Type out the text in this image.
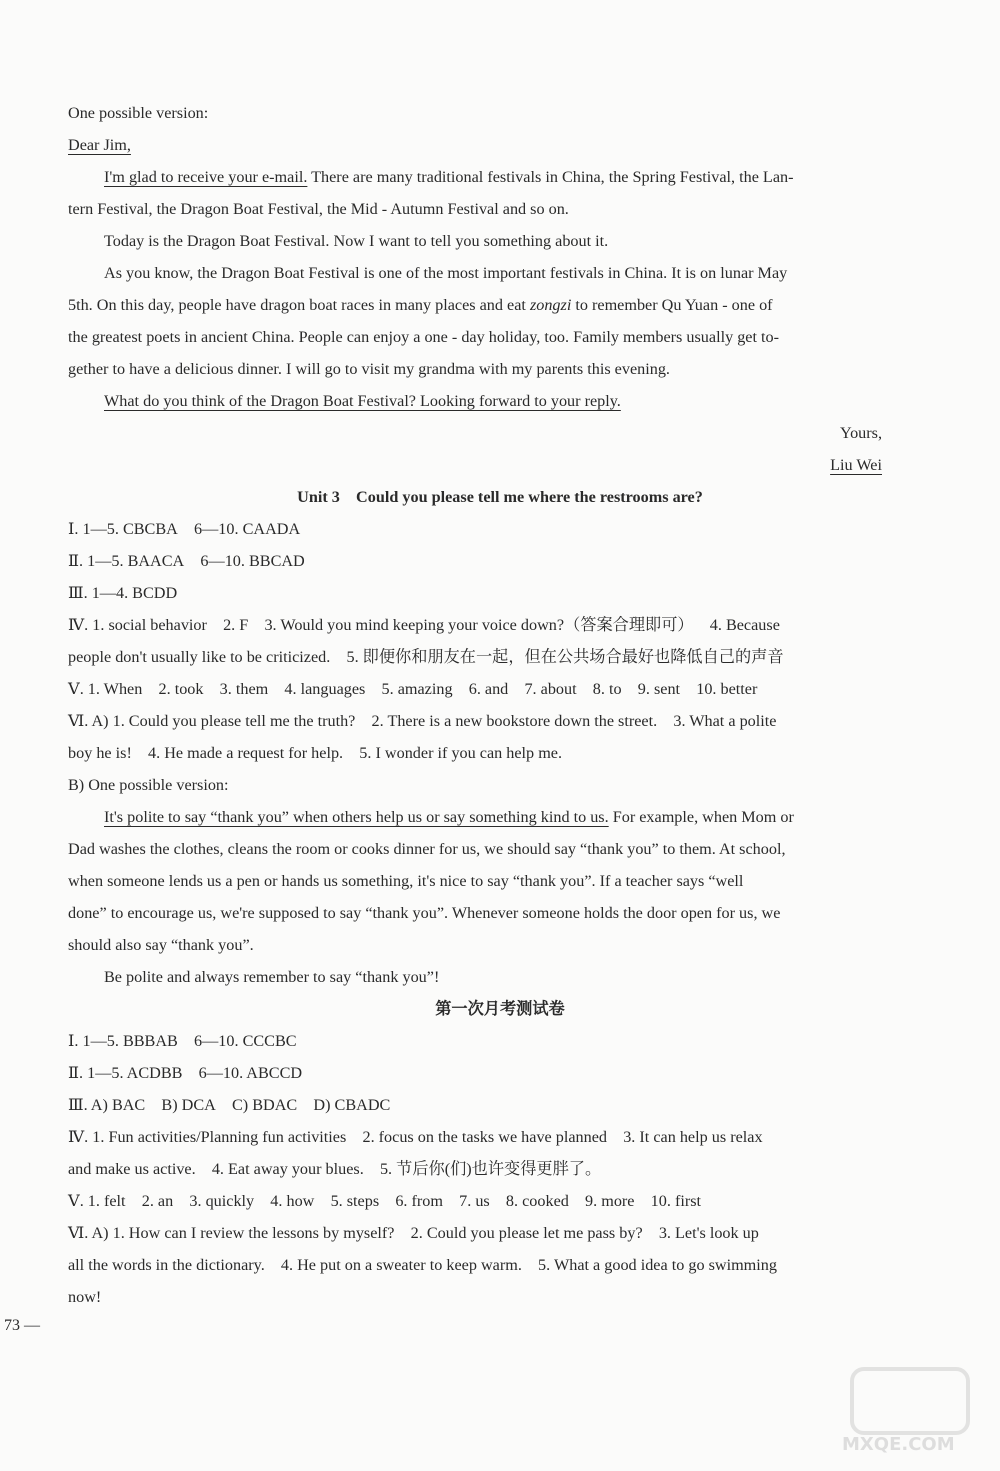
One possible version:
Dear Jim,
I'm glad to receive your e-mail. There are many traditional festivals in China, the Spring Festival, the Lan-
tern Festival, the Dragon Boat Festival, the Mid - Autumn Festival and so on.
Today is the Dragon Boat Festival. Now I want to tell you something about it.
As you know, the Dragon Boat Festival is one of the most important festivals in China. It is on lunar May
5th. On this day, people have dragon boat races in many places and eat zongzi to remember Qu Yuan - one of
the greatest poets in ancient China. People can enjoy a one - day holiday, too. Family members usually get to-
gether to have a delicious dinner. I will go to visit my grandma with my parents this evening.
What do you think of the Dragon Boat Festival? Looking forward to your reply.
Yours,
Liu Wei
Unit 3 Could you please tell me where the restrooms are?
Ⅰ. 1—5. CBCBA 6—10. CAADA
Ⅱ. 1—5. BAACA 6—10. BBCAD
Ⅲ. 1—4. BCDD
Ⅳ. 1. social behavior 2. F 3. Would you mind keeping your voice down?（答案合理即可） 4. Because
people don't usually like to be criticized. 5. 即便你和朋友在一起，但在公共场合最好也降低自己的声音
Ⅴ. 1. When 2. took 3. them 4. languages 5. amazing 6. and 7. about 8. to 9. sent 10. better
Ⅵ. A) 1. Could you please tell me the truth? 2. There is a new bookstore down the street. 3. What a polite
boy he is! 4. He made a request for help. 5. I wonder if you can help me.
B) One possible version:
It's polite to say “thank you” when others help us or say something kind to us. For example, when Mom or
Dad washes the clothes, cleans the room or cooks dinner for us, we should say “thank you” to them. At school,
when someone lends us a pen or hands us something, it's nice to say “thank you”. If a teacher says “well
done” to encourage us, we're supposed to say “thank you”. Whenever someone holds the door open for us, we
should also say “thank you”.
Be polite and always remember to say “thank you”!
第一次月考测试卷
Ⅰ. 1—5. BBBAB 6—10. CCCBC
Ⅱ. 1—5. ACDBB 6—10. ABCCD
Ⅲ. A) BAC B) DCA C) BDAC D) CBADC
Ⅳ. 1. Fun activities/Planning fun activities 2. focus on the tasks we have planned 3. It can help us relax
and make us active. 4. Eat away your blues. 5. 节后你(们)也许变得更胖了。
Ⅴ. 1. felt 2. an 3. quickly 4. how 5. steps 6. from 7. us 8. cooked 9. more 10. first
Ⅵ. A) 1. How can I review the lessons by myself? 2. Could you please let me pass by? 3. Let's look up
all the words in the dictionary. 4. He put on a sweater to keep warm. 5. What a good idea to go swimming
now!
73 —
MXQE.COM
